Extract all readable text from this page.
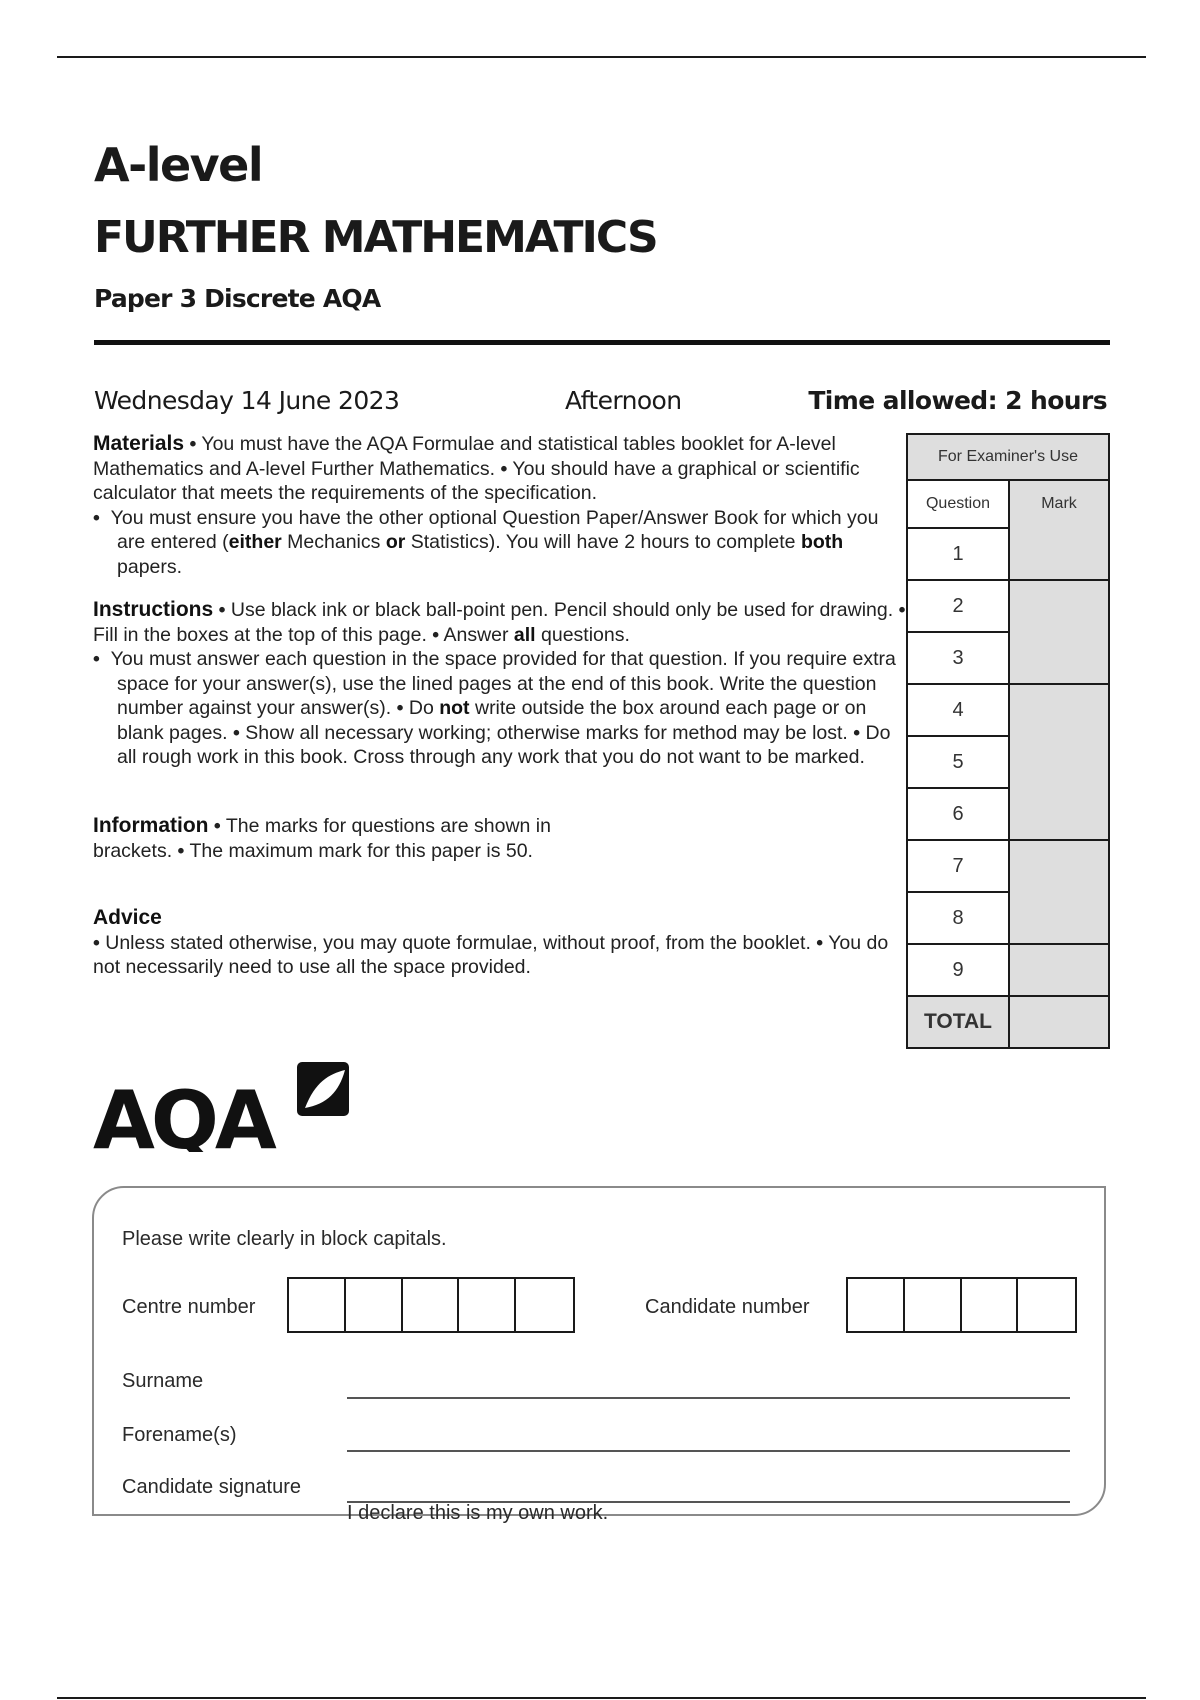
A-level
FURTHER MATHEMATICS
Paper 3 Discrete AQA
Wednesday 14 June 2023	Afternoon	Time allowed: 2 hours
Materials • You must have the AQA Formulae and statistical tables booklet for A-level Mathematics and A-level Further Mathematics. • You should have a graphical or scientific calculator that meets the requirements of the specification.
• You must ensure you have the other optional Question Paper/Answer Book for which you are entered (either Mechanics or Statistics). You will have 2 hours to complete both papers.
Instructions • Use black ink or black ball-point pen. Pencil should only be used for drawing. • Fill in the boxes at the top of this page. • Answer all questions.
• You must answer each question in the space provided for that question. If you require extra space for your answer(s), use the lined pages at the end of this book. Write the question number against your answer(s). • Do not write outside the box around each page or on blank pages. • Show all necessary working; otherwise marks for method may be lost. • Do all rough work in this book. Cross through any work that you do not want to be marked.
Information • The marks for questions are shown in brackets. • The maximum mark for this paper is 50.
Advice
• Unless stated otherwise, you may quote formulae, without proof, from the booklet. • You do not necessarily need to use all the space provided.
For Examiner's Use	
Question	Mark
1	
2	
3	
4	
5	
6	
7	
8	
9	
TOTAL	
AQA
Please write clearly in block capitals.
Centre number	Candidate number
Surname
Forename(s)
Candidate signature
I declare this is my own work.
